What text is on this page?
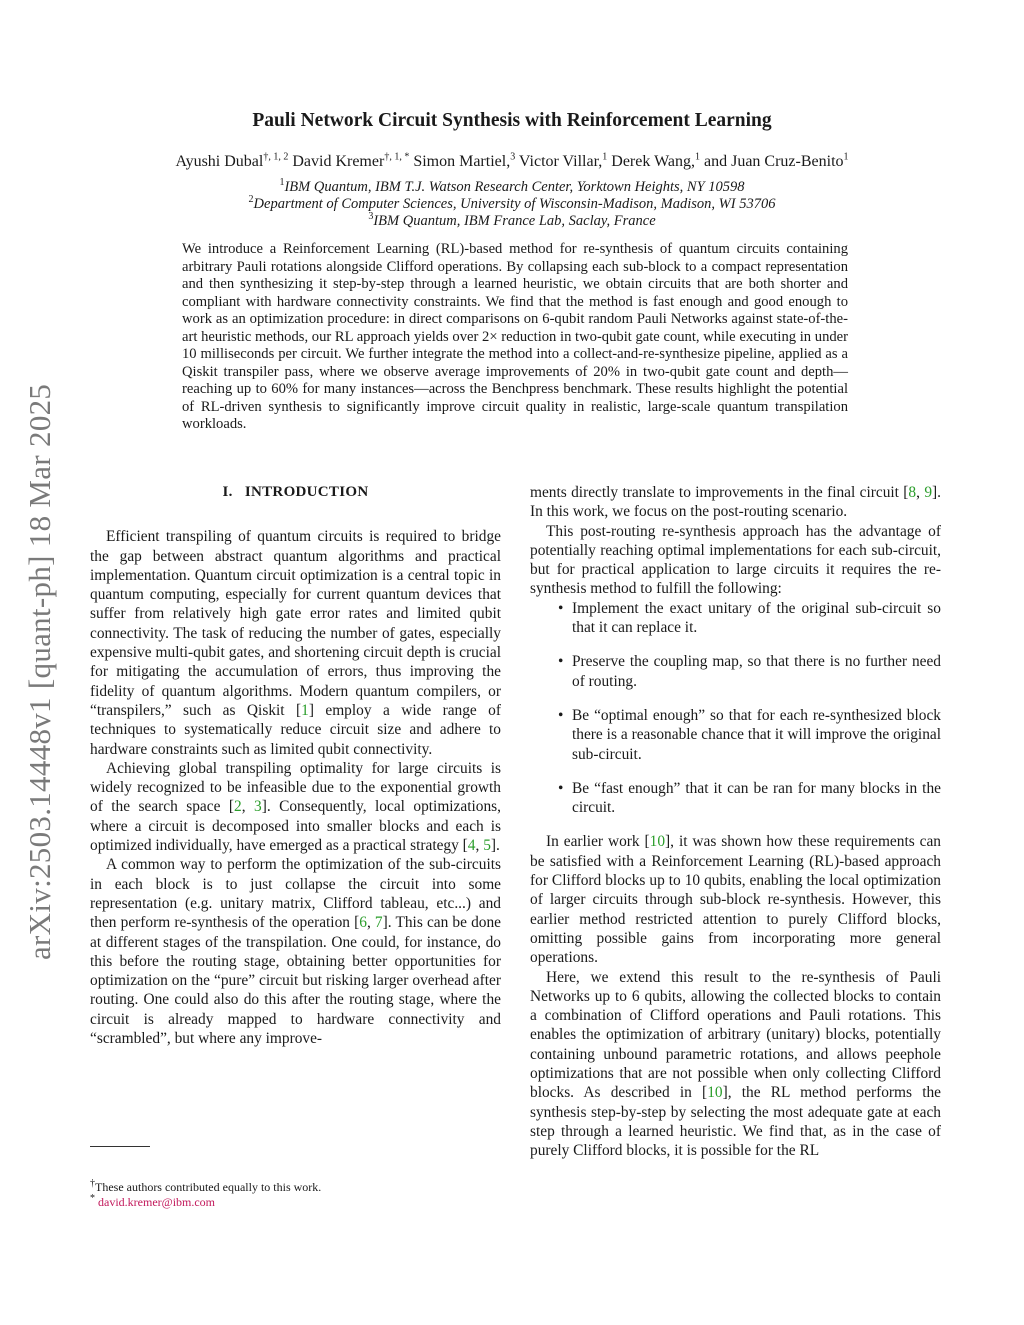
arXiv:2503.14448v1 [quant-ph] 18 Mar 2025
Pauli Network Circuit Synthesis with Reinforcement Learning
Ayushi Dubal$^{\dagger, 1, 2}$ David Kremer$^{\dagger, 1, *}$ Simon Martiel,$^3$ Victor Villar,$^1$ Derek Wang,$^1$ and Juan Cruz-Benito$^1$
$^1$IBM Quantum, IBM T.J. Watson Research Center, Yorktown Heights, NY 10598
$^2$Department of Computer Sciences, University of Wisconsin-Madison, Madison, WI 53706
$^3$IBM Quantum, IBM France Lab, Saclay, France
We introduce a Reinforcement Learning (RL)-based method for re-synthesis of quantum circuits containing arbitrary Pauli rotations alongside Clifford operations. By collapsing each sub-block to a compact representation and then synthesizing it step-by-step through a learned heuristic, we obtain circuits that are both shorter and compliant with hardware connectivity constraints. We find that the method is fast enough and good enough to work as an optimization procedure: in direct comparisons on 6-qubit random Pauli Networks against state-of-the-art heuristic methods, our RL approach yields over 2× reduction in two-qubit gate count, while executing in under 10 milliseconds per circuit. We further integrate the method into a collect-and-re-synthesize pipeline, applied as a Qiskit transpiler pass, where we observe average improvements of 20% in two-qubit gate count and depth—reaching up to 60% for many instances—across the Benchpress benchmark. These results highlight the potential of RL-driven synthesis to significantly improve circuit quality in realistic, large-scale quantum transpilation workloads.
I. INTRODUCTION

Efficient transpiling of quantum circuits is required to bridge the gap between abstract quantum algorithms and practical implementation. Quantum circuit optimization is a central topic in quantum computing, especially for current quantum devices that suffer from relatively high gate error rates and limited qubit connectivity. The task of reducing the number of gates, especially expensive multi-qubit gates, and shortening circuit depth is crucial for mitigating the accumulation of errors, thus improving the fidelity of quantum algorithms. Modern quantum compilers, or “transpilers,” such as Qiskit [1] employ a wide range of techniques to systematically reduce circuit size and adhere to hardware constraints such as limited qubit connectivity.

Achieving global transpiling optimality for large circuits is widely recognized to be infeasible due to the exponential growth of the search space [2, 3]. Consequently, local optimizations, where a circuit is decomposed into smaller blocks and each is optimized individually, have emerged as a practical strategy [4, 5].

A common way to perform the optimization of the sub-circuits in each block is to just collapse the circuit into some representation (e.g. unitary matrix, Clifford tableau, etc...) and then perform re-synthesis of the operation [6, 7]. This can be done at different stages of the transpilation. One could, for instance, do this before the routing stage, obtaining better opportunities for optimization on the “pure” circuit but risking larger overhead after routing. One could also do this after the routing stage, where the circuit is already mapped to hardware connectivity and “scrambled”, but where any improve-

ments directly translate to improvements in the final circuit [8, 9]. In this work, we focus on the post-routing scenario.

This post-routing re-synthesis approach has the advantage of potentially reaching optimal implementations for each sub-circuit, but for practical application to large circuits it requires the re-synthesis method to fulfill the following:

• Implement the exact unitary of the original sub-circuit so that it can replace it.
• Preserve the coupling map, so that there is no further need of routing.
• Be “optimal enough” so that for each re-synthesized block there is a reasonable chance that it will improve the original sub-circuit.
• Be “fast enough” that it can be ran for many blocks in the circuit.

In earlier work [10], it was shown how these requirements can be satisfied with a Reinforcement Learning (RL)-based approach for Clifford blocks up to 10 qubits, enabling the local optimization of larger circuits through sub-block re-synthesis. However, this earlier method restricted attention to purely Clifford blocks, omitting possible gains from incorporating more general operations.

Here, we extend this result to the re-synthesis of Pauli Networks up to 6 qubits, allowing the collected blocks to contain a combination of Clifford operations and Pauli rotations. This enables the optimization of arbitrary (unitary) blocks, potentially containing unbound parametric rotations, and allows peephole optimizations that are not possible when only collecting Clifford blocks. As described in [10], the RL method performs the synthesis step-by-step by selecting the most adequate gate at each step through a learned heuristic. We find that, as in the case of purely Clifford blocks, it is possible for the RL

†These authors contributed equally to this work.
* david.kremer@ibm.com
